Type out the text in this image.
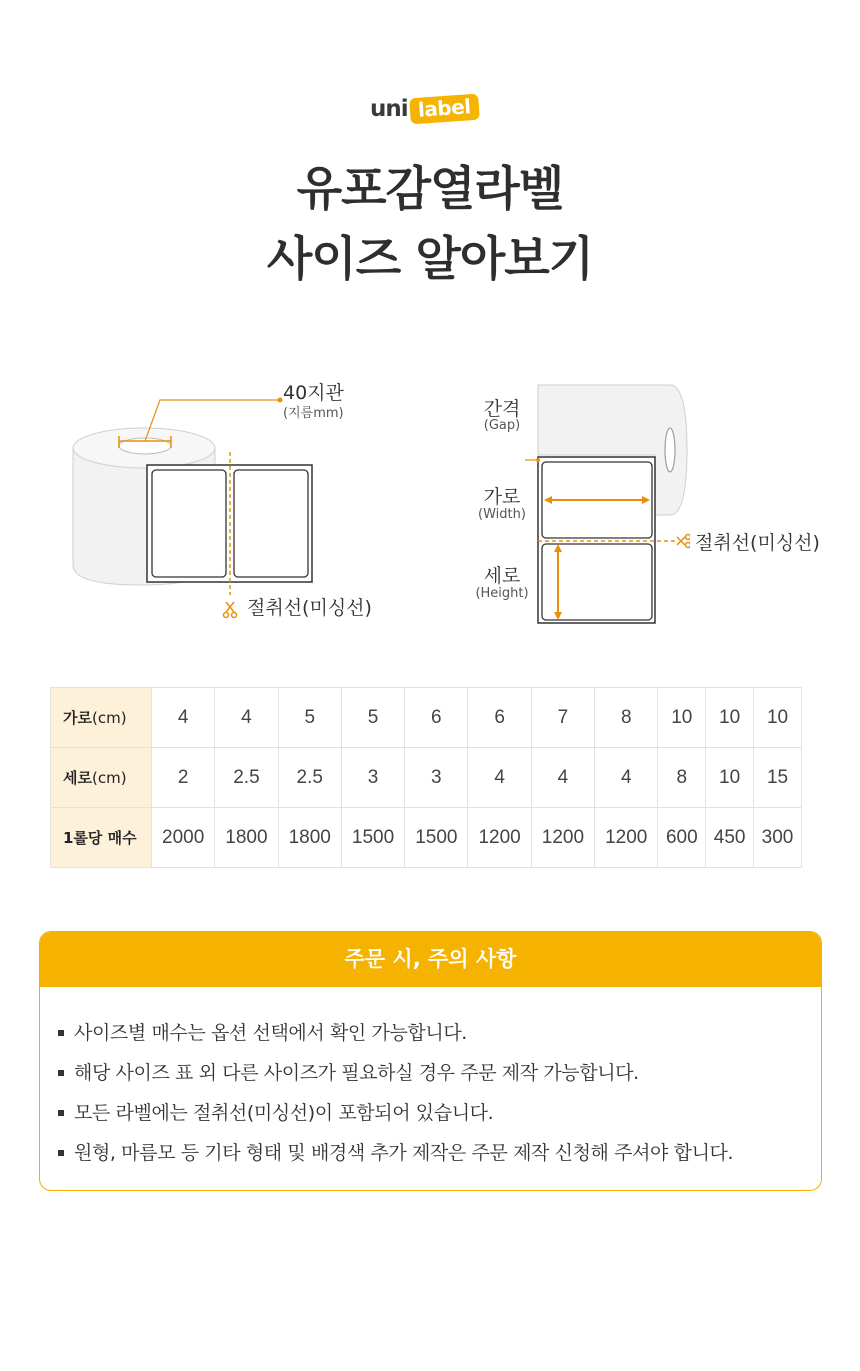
uni label
유포감열라벨
사이즈 알아보기
40지관
(지름mm)
절취선(미싱선)
간격
(Gap)
가로
(Width)
세로
(Height)
절취선(미싱선)
가로(cm)	4	4	5	5	6	6	7	8	10	10	10
세로(cm)	2	2.5	2.5	3	3	4	4	4	8	10	15
1롤당 매수	2000	1800	1800	1500	1500	1200	1200	1200	600	450	300
주문 시, 주의 사항
사이즈별 매수는 옵션 선택에서 확인 가능합니다.
해당 사이즈 표 외 다른 사이즈가 필요하실 경우 주문 제작 가능합니다.
모든 라벨에는 절취선(미싱선)이 포함되어 있습니다.
원형, 마름모 등 기타 형태 및 배경색 추가 제작은 주문 제작 신청해 주셔야 합니다.
